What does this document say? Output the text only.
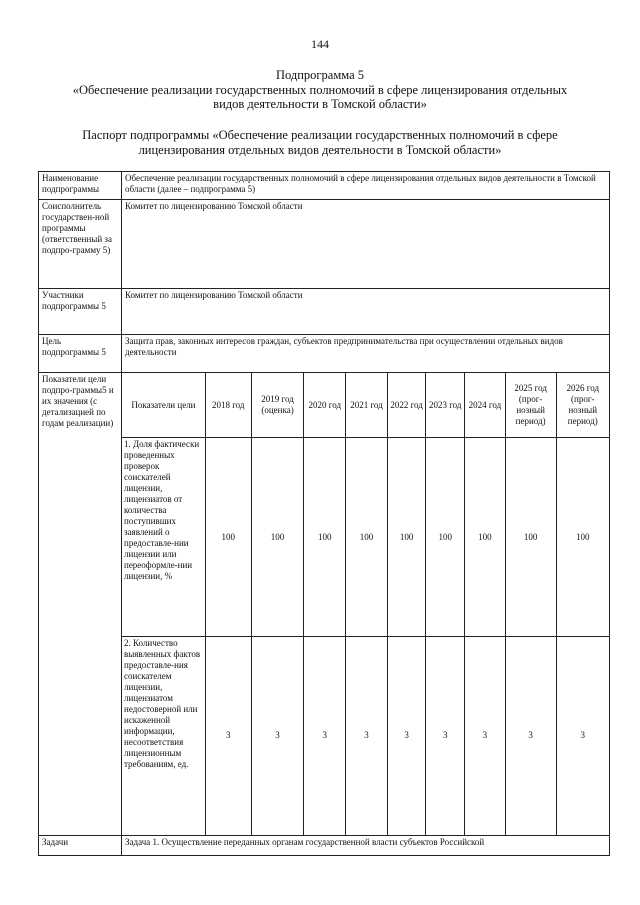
144
Подпрограмма 5
«Обеспечение реализации государственных полномочий в сфере лицензирования отдельных
видов деятельности в Томской области»
Паспорт подпрограммы «Обеспечение реализации государственных полномочий в сфере
лицензирования отдельных видов деятельности в Томской области»
Наименование подпрограммы	Обеспечение реализации государственных полномочий в сфере лицензирования отдельных видов деятельности в Томской области (далее – подпрограмма 5)
Соисполнитель государствен-ной программы (ответственный за подпро-грамму 5)	Комитет по лицензированию Томской области
Участники подпрограммы 5	Комитет по лицензированию Томской области
Цель подпрограммы 5	Защита прав, законных интересов граждан, субъектов предпринимательства при осуществлении отдельных видов деятельности
Показатели цели подпро-граммы5 и их значения (с детализацией по годам реализации)	
Показатели цели	2018 год	2019 год (оценка)	2020 год	2021 год	2022 год	2023 год	2024 год	2025 год (прог-нозный период)	2026 год (прог-нозный период)
1. Доля фактически проведенных проверок соискателей лицензии, лицензиатов от количества поступивших заявлений о предоставле-нии лицензии или переоформле-нии лицензии, %	100	100	100	100	100	100	100	100	100
2. Количество выявленных фактов предоставле-ния соискателем лицензии, лицензиатом недостоверной или искаженной информации, несоответствия лицензионным требованиям, ед.	3	3	3	3	3	3	3	3	3

Задачи	Задача 1. Осуществление переданных органам государственной власти субъектов Российской
